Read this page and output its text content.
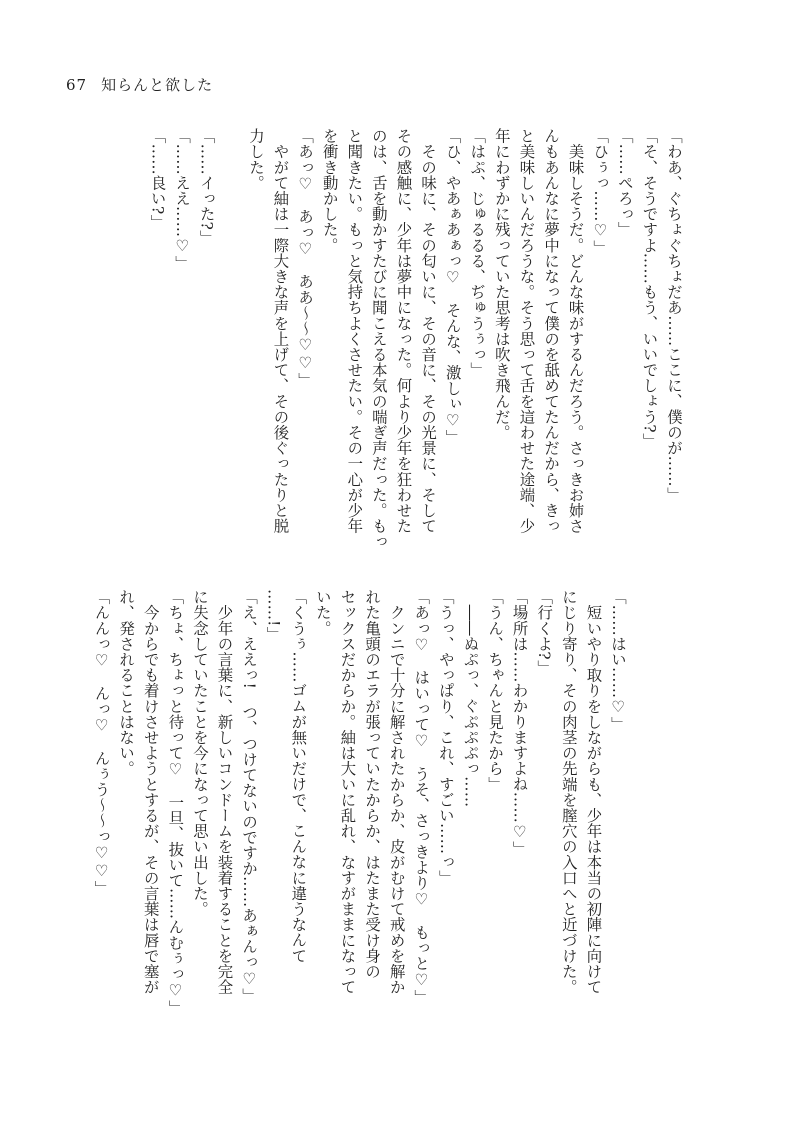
67 知らんと欲した
「わあ、ぐちょぐちょだあ……ここに、僕のが……」
「そ、そうですよ……もう、いいでしょう?」
「……ぺろっ」
「ひぅっ……♡」
　美味しそうだ。どんな味がするんだろう。さっきお姉さ
んもあんなに夢中になって僕のを舐めてたんだから、きっ
と美味しいんだろうな。そう思って舌を這わせた途端、少
年にわずかに残っていた思考は吹き飛んだ。
「はぷ、じゅるるる、ぢゅうぅっ」
「ひ、やあぁあぁっ♡　そんな、激しぃ♡」
　その味に、その匂いに、その音に、その光景に、そして
その感触に、少年は夢中になった。何より少年を狂わせた
のは、舌を動かすたびに聞こえる本気の喘ぎ声だった。もっ
と聞きたい。もっと気持ちよくさせたい。その一心が少年
を衝き動かした。
「あっ♡　あっ♡　ああ〜〜♡♡」
　やがて紬は一際大きな声を上げて、その後ぐったりと脱
力した。
「……イった?」
「……ええ……♡」
「……良い?」
「……はい……♡」
　短いやり取りをしながらも、少年は本当の初陣に向けて
にじり寄り、その肉茎の先端を膣穴の入口へと近づけた。
「行くよ?」
「場所は……わかりますよね……♡」
「うん、ちゃんと見たから」
　――ぬぷっ、ぐぷぷぷっ……
「うっ、やっぱり、これ、すごい……っ」
「あっ♡　はいって♡　うそ、さっきより♡　もっと♡」
　クンニで十分に解されたからか、皮がむけて戒めを解か
れた亀頭のエラが張っていたからか、はたまた受け身の
セックスだからか。紬は大いに乱れ、なすがままになって
いた。
「くうぅ……ゴムが無いだけで、こんなに違うなんて
……!」
「え、ええっ!　つ、つけてないのですか……あぁんっ♡」
　少年の言葉に、新しいコンドームを装着することを完全
に失念していたことを今になって思い出した。
「ちょ、ちょっと待って♡　一旦、抜いて……んむぅっ♡」
　今からでも着けさせようとするが、その言葉は唇で塞が
れ、発されることはない。
「んんっ♡　んっ♡　んぅう〜〜っ♡♡」
